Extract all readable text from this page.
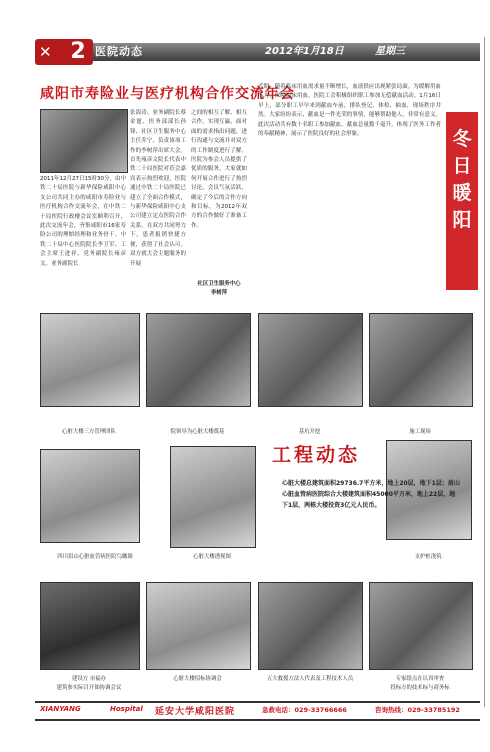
✕ 2 医院动态	2012年1月18日	星期三
咸阳市寿险业与医疗机构合作交流年会
2011年12月27日15时30分，由中铁二十局医院与新华保险咸阳中心支公司共同主办的咸阳市寿险业与医疗机构合作交流年会，在中铁二十局医院行政楼会议室顺利召开，此次交流年会，齐集咸阳市16家寿险公司的理赔经理和业务骨干、中铁二十局中心医院院长李卫军、工会主席王进祥、党务副院长雍彦文、业务副院长
张海涛、业务副院长蔡金霆、医务部部长孙锋、社区卫生服务中心主任乔宁、负责该项工作的李树萍出席大会。首先雍彦文院长代表中铁二十局医院对莅会嘉宾表示热烈欢迎，医院通过中铁二十局医院已建立了全面合作模式，与新华保险咸阳中心支公司建立定点医院合作关系，在双方共同努力下，患者报销快捷方便，获得了社会认可。双方就大会主题服务的开展
之间的相互了解、相互合作，实现互赢，面对面的需求指出问题，进行沟通与交流并对双方的工作制度进行了解。医院为参会人员提供了优质的服务，大家就如何开展合作进行了热烈讨论，会议气氛活跃，确定了今后的合作方向和目标，为2012年双方的合作做好了准备工作。
社区卫生服务中心
李树萍
近期，随着临床用血需求量不断增长，血液供应出现紧张局面。为缓解用血压力，保障临床用血，医院工会积极组织职工参加无偿献血活动。1月16日早上，部分职工早早来到献血车前，排队登记、体检、抽血，现场秩序井然。大家纷纷表示，献血是一件光荣的事情，能够帮助他人，非常有意义。此次活动共有数十名职工参加献血，献血总量数千毫升，体现了医务工作者的奉献精神，展示了医院良好的社会形象。	冬
日
暖
阳
心脏大楼三方管理团队	院领导为心脏大楼奠基	基坑开挖	施工现场
四川眉山心脏血管病医院鸟瞰图	心脏大楼透视图	支护桩浇筑
工程动态
心脏大楼总建筑面积29736.7平方米，地上20层，地下1层；眉山心脏血管病医院综合大楼建筑面积45000平方米，地上22层，地下1层，两栋大楼投资3亿元人民币。
建设方 市福办
建筑参实际目开始协调会议
心脏大楼招标协调会	五大救援方法人代表及工程技术人员	专家组点在认真审查
投标方的技术标与商务标
XIANYANG	Hospital 延安大学咸阳医院	急救电话：029-33766666	咨询热线：029-33785192
